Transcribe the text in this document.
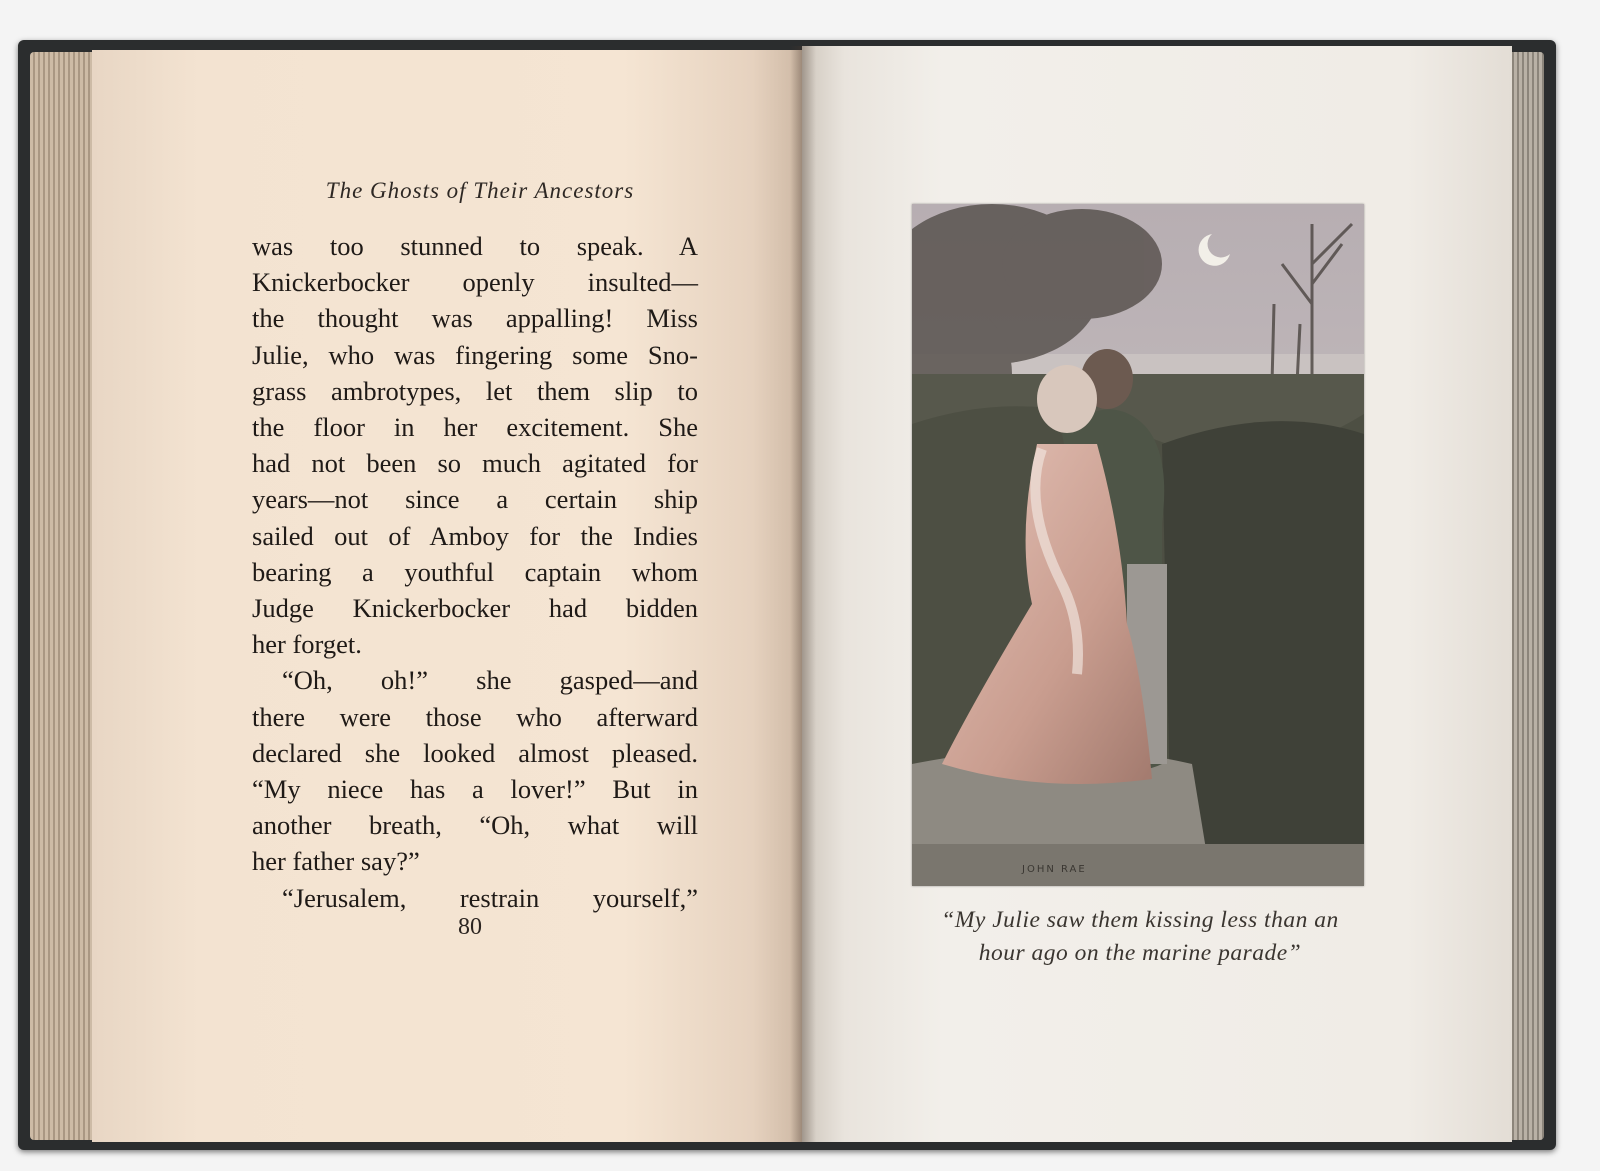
The Ghosts of Their Ancestors

was too stunned to speak. A

Knickerbocker openly insulted—

the thought was appalling! Miss

Julie, who was fingering some Sno-

grass ambrotypes, let them slip to

the floor in her excitement. She

had not been so much agitated for

years—not since a certain ship

sailed out of Amboy for the Indies

bearing a youthful captain whom

Judge Knickerbocker had bidden

her forget.

“Oh, oh!” she gasped—and

there were those who afterward

declared she looked almost pleased.

“My niece has a lover!” But in

another breath, “Oh, what will

her father say?”

“Jerusalem, restrain yourself,”

80

JOHN RAE

“My Julie saw them kissing less than an
hour ago on the marine parade”
